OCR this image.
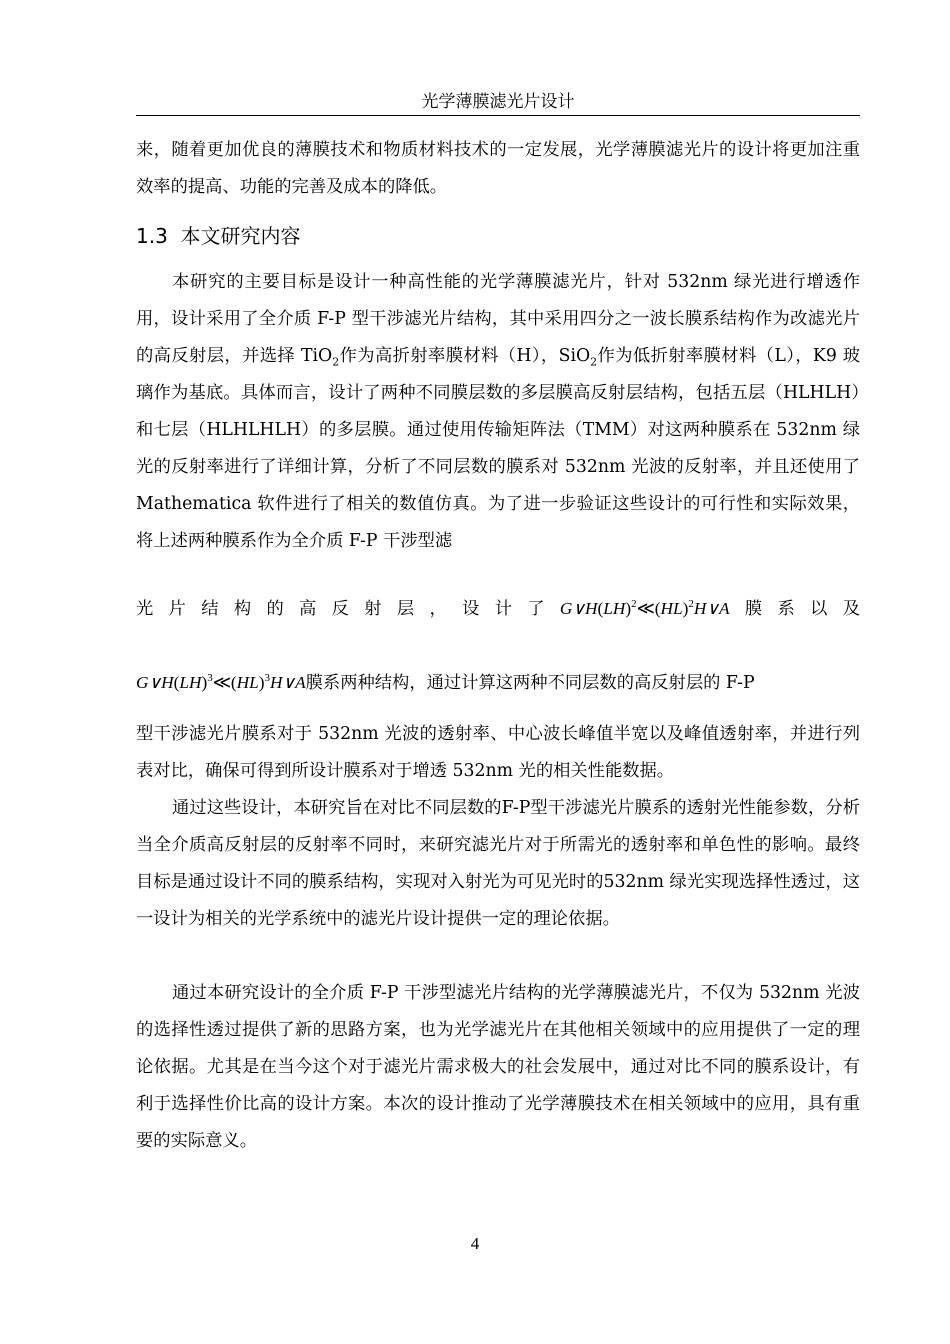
光学薄膜滤光片设计

来，随着更加优良的薄膜技术和物质材料技术的一定发展，光学薄膜滤光片的设计将更加注重效率的提高、功能的完善及成本的降低。

1.3 本文研究内容

本研究的主要目标是设计一种高性能的光学薄膜滤光片，针对 532nm 绿光进行增透作用，设计采用了全介质 F-P 型干涉滤光片结构，其中采用四分之一波长膜系结构作为改滤光片的高反射层，并选择 TiO$_2$作为高折射率膜材料（H），SiO$_2$作为低折射率膜材料（L），K9 玻璃作为基底。具体而言，设计了两种不同膜层数的多层膜高反射层结构，包括五层（HLHLH）和七层（HLHLHLH）的多层膜。通过使用传输矩阵法（TMM）对这两种膜系在 532nm 绿光的反射率进行了详细计算，分析了不同层数的膜系对 532nm 光波的反射率，并且还使用了 Mathematica 软件进行了相关的数值仿真。为了进一步验证这些设计的可行性和实际效果，将上述两种膜系作为全介质 F-P 干涉型滤

光 片 结 构 的 高 反 射 层 ， 设 计 了 G∨H(LH)$^2$≪(HL)$^2$H∨A 膜 系 以 及
G∨H(LH)$^3$≪(HL)$^3$H∨A膜系两种结构，通过计算这两种不同层数的高反射层的 F-P

型干涉滤光片膜系对于 532nm 光波的透射率、中心波长峰值半宽以及峰值透射率，并进行列表对比，确保可得到所设计膜系对于增透 532nm 光的相关性能数据。

通过这些设计，本研究旨在对比不同层数的F-P型干涉滤光片膜系的透射光性能参数，分析当全介质高反射层的反射率不同时，来研究滤光片对于所需光的透射率和单色性的影响。最终目标是通过设计不同的膜系结构，实现对入射光为可见光时的532nm 绿光实现选择性透过，这一设计为相关的光学系统中的滤光片设计提供一定的理论依据。

通过本研究设计的全介质 F-P 干涉型滤光片结构的光学薄膜滤光片，不仅为 532nm 光波的选择性透过提供了新的思路方案，也为光学滤光片在其他相关领域中的应用提供了一定的理论依据。尤其是在当今这个对于滤光片需求极大的社会发展中，通过对比不同的膜系设计，有利于选择性价比高的设计方案。本次的设计推动了光学薄膜技术在相关领域中的应用，具有重要的实际意义。

4
